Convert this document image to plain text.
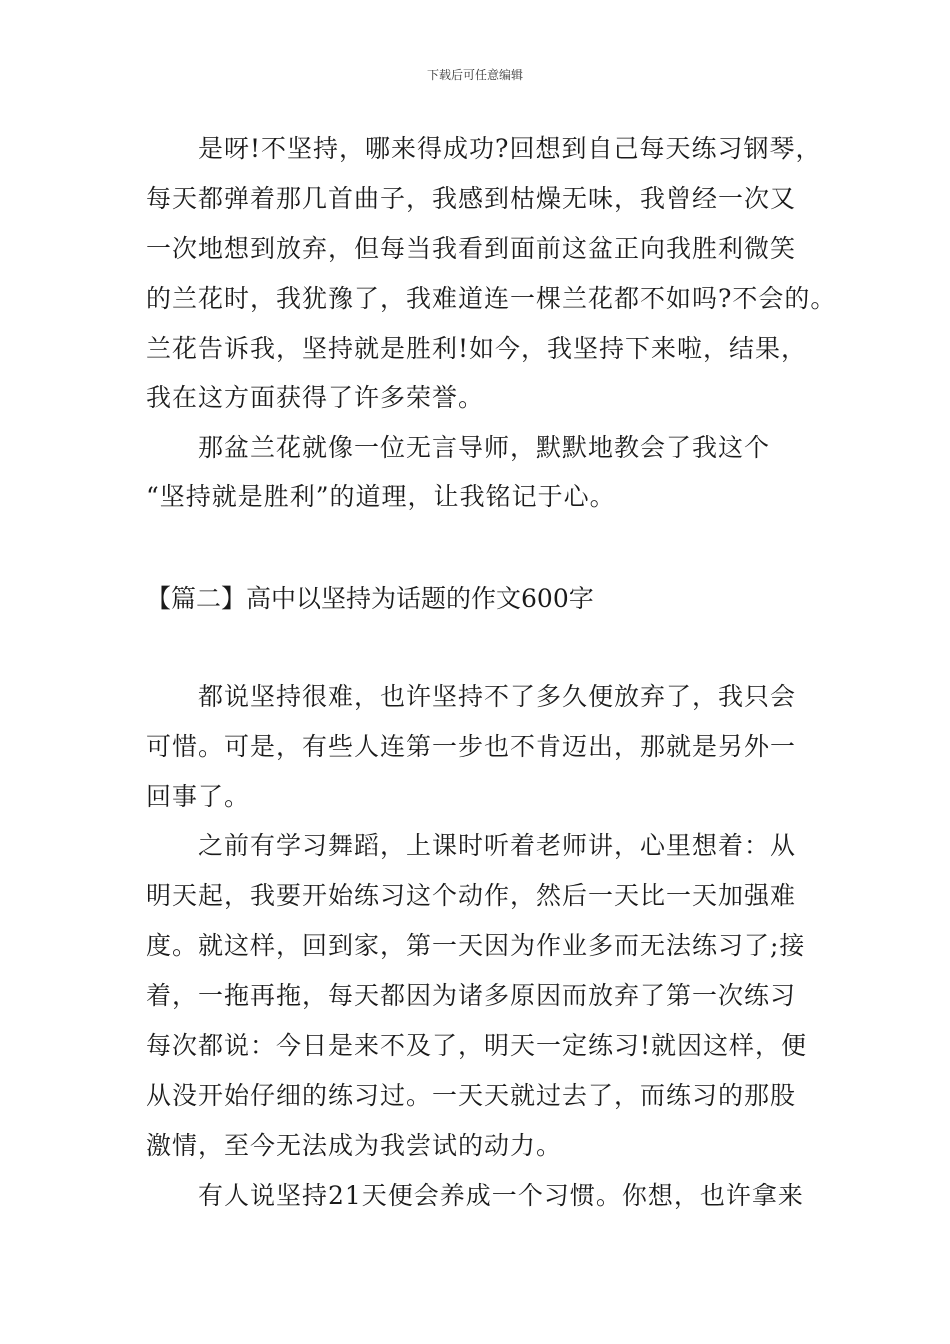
下载后可任意编辑
是呀!不坚持，哪来得成功?回想到自己每天练习钢琴，
每天都弹着那几首曲子，我感到枯燥无味，我曾经一次又
一次地想到放弃，但每当我看到面前这盆正向我胜利微笑
的兰花时，我犹豫了，我难道连一棵兰花都不如吗?不会的。
兰花告诉我，坚持就是胜利!如今，我坚持下来啦，结果，
我在这方面获得了许多荣誉。
那盆兰花就像一位无言导师，默默地教会了我这个
“坚持就是胜利”的道理，让我铭记于心。
【篇二】高中以坚持为话题的作文600字
都说坚持很难，也许坚持不了多久便放弃了，我只会
可惜。可是，有些人连第一步也不肯迈出，那就是另外一
回事了。
之前有学习舞蹈，上课时听着老师讲，心里想着：从
明天起，我要开始练习这个动作，然后一天比一天加强难
度。就这样，回到家，第一天因为作业多而无法练习了;接
着，一拖再拖，每天都因为诸多原因而放弃了第一次练习
每次都说：今日是来不及了，明天一定练习!就因这样，便
从没开始仔细的练习过。一天天就过去了，而练习的那股
激情，至今无法成为我尝试的动力。
有人说坚持21天便会养成一个习惯。你想，也许拿来
